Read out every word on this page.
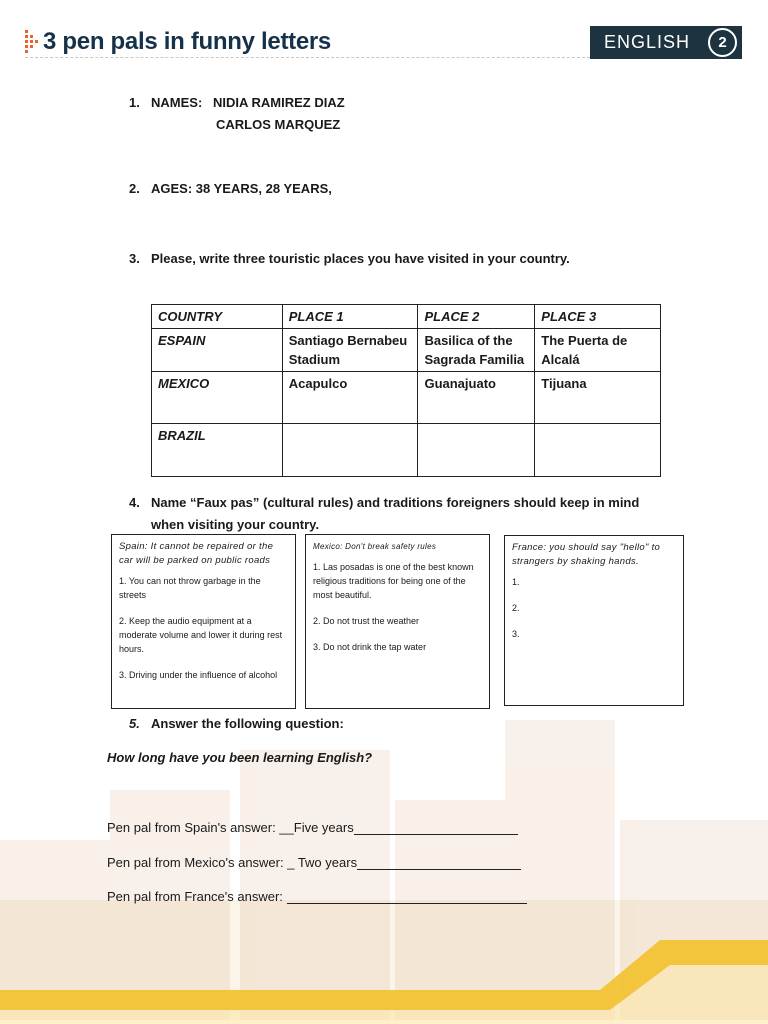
3 pen pals in funny letters	ENGLISH	2
1. NAMES: NIDIA RAMIREZ DIAZ
CARLOS MARQUEZ
2. AGES: 38 YEARS, 28 YEARS,
3. Please, write three touristic places you have visited in your country.
COUNTRY	PLACE 1	PLACE 2	PLACE 3
ESPAIN	Santiago Bernabeu Stadium	Basilica of the Sagrada Familia	The Puerta de Alcalá
MEXICO	Acapulco	Guanajuato	Tijuana
BRAZIL			
4. Name “Faux pas” (cultural rules) and traditions foreigners should keep in mind
when visiting your country.
Spain: It cannot be repaired or the car will be parked on public roads
1. You can not throw garbage in the streets
2. Keep the audio equipment at a moderate volume and lower it during rest hours.
3. Driving under the influence of alcohol
Mexico: Don't break safety rules
1. Las posadas is one of the best known religious traditions for being one of the most beautiful.
2. Do not trust the weather
3. Do not drink the tap water
France: you should say "hello" to strangers by shaking hands.
1.
2.
3.
5. Answer the following question:
How long have you been learning English?
Pen pal from Spain's answer: __Five years
Pen pal from Mexico's answer: _ Two years
Pen pal from France's answer:
